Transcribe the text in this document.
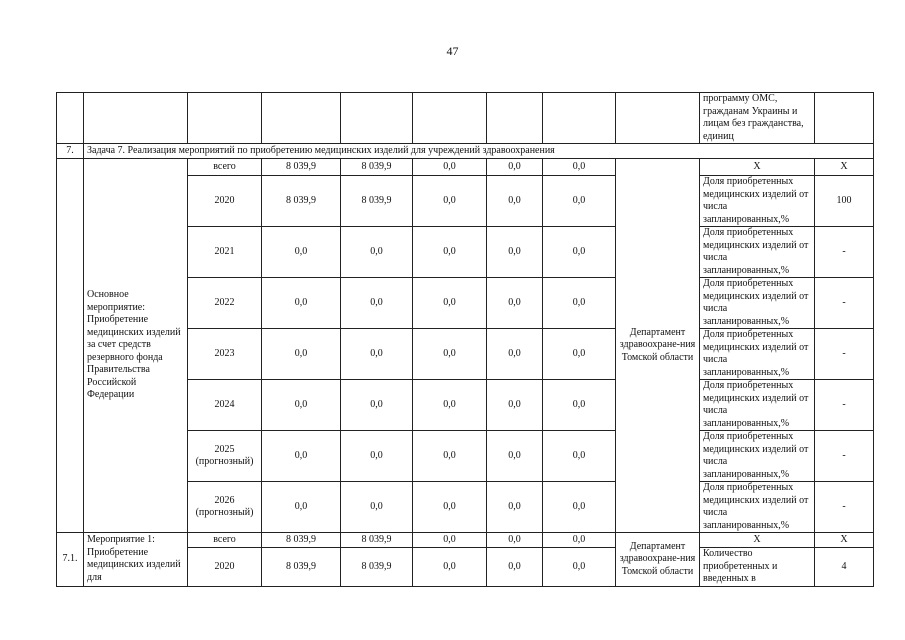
47
									программу ОМС, гражданам Украины и лицам без гражданства, единиц	
7.	Задача 7. Реализация мероприятий по приобретению медицинских изделий для учреждений здравоохранения									
	Основное мероприятие: Приобретение медицинских изделий за счет средств резервного фонда Правительства Российской Федерации	всего	8 039,9	8 039,9	0,0	0,0	0,0	Департамент здравоохране-ния Томской области	Х	Х
		2020	8 039,9	8 039,9	0,0	0,0	0,0		Доля приобретенных медицинских изделий от числа запланированных,%	100
		2021	0,0	0,0	0,0	0,0	0,0		Доля приобретенных медицинских изделий от числа запланированных,%	-
		2022	0,0	0,0	0,0	0,0	0,0		Доля приобретенных медицинских изделий от числа запланированных,%	-
		2023	0,0	0,0	0,0	0,0	0,0		Доля приобретенных медицинских изделий от числа запланированных,%	-
		2024	0,0	0,0	0,0	0,0	0,0		Доля приобретенных медицинских изделий от числа запланированных,%	-
		2025 (прогнозный)	0,0	0,0	0,0	0,0	0,0		Доля приобретенных медицинских изделий от числа запланированных,%	-
		2026 (прогнозный)	0,0	0,0	0,0	0,0	0,0		Доля приобретенных медицинских изделий от числа запланированных,%	-
7.1.	Мероприятие 1: Приобретение медицинских изделий для	всего	8 039,9	8 039,9	0,0	0,0	0,0	Департамент здравоохране-ния Томской области	Х	Х
		2020	8 039,9	8 039,9	0,0	0,0	0,0		Количество приобретенных и введенных в	4
